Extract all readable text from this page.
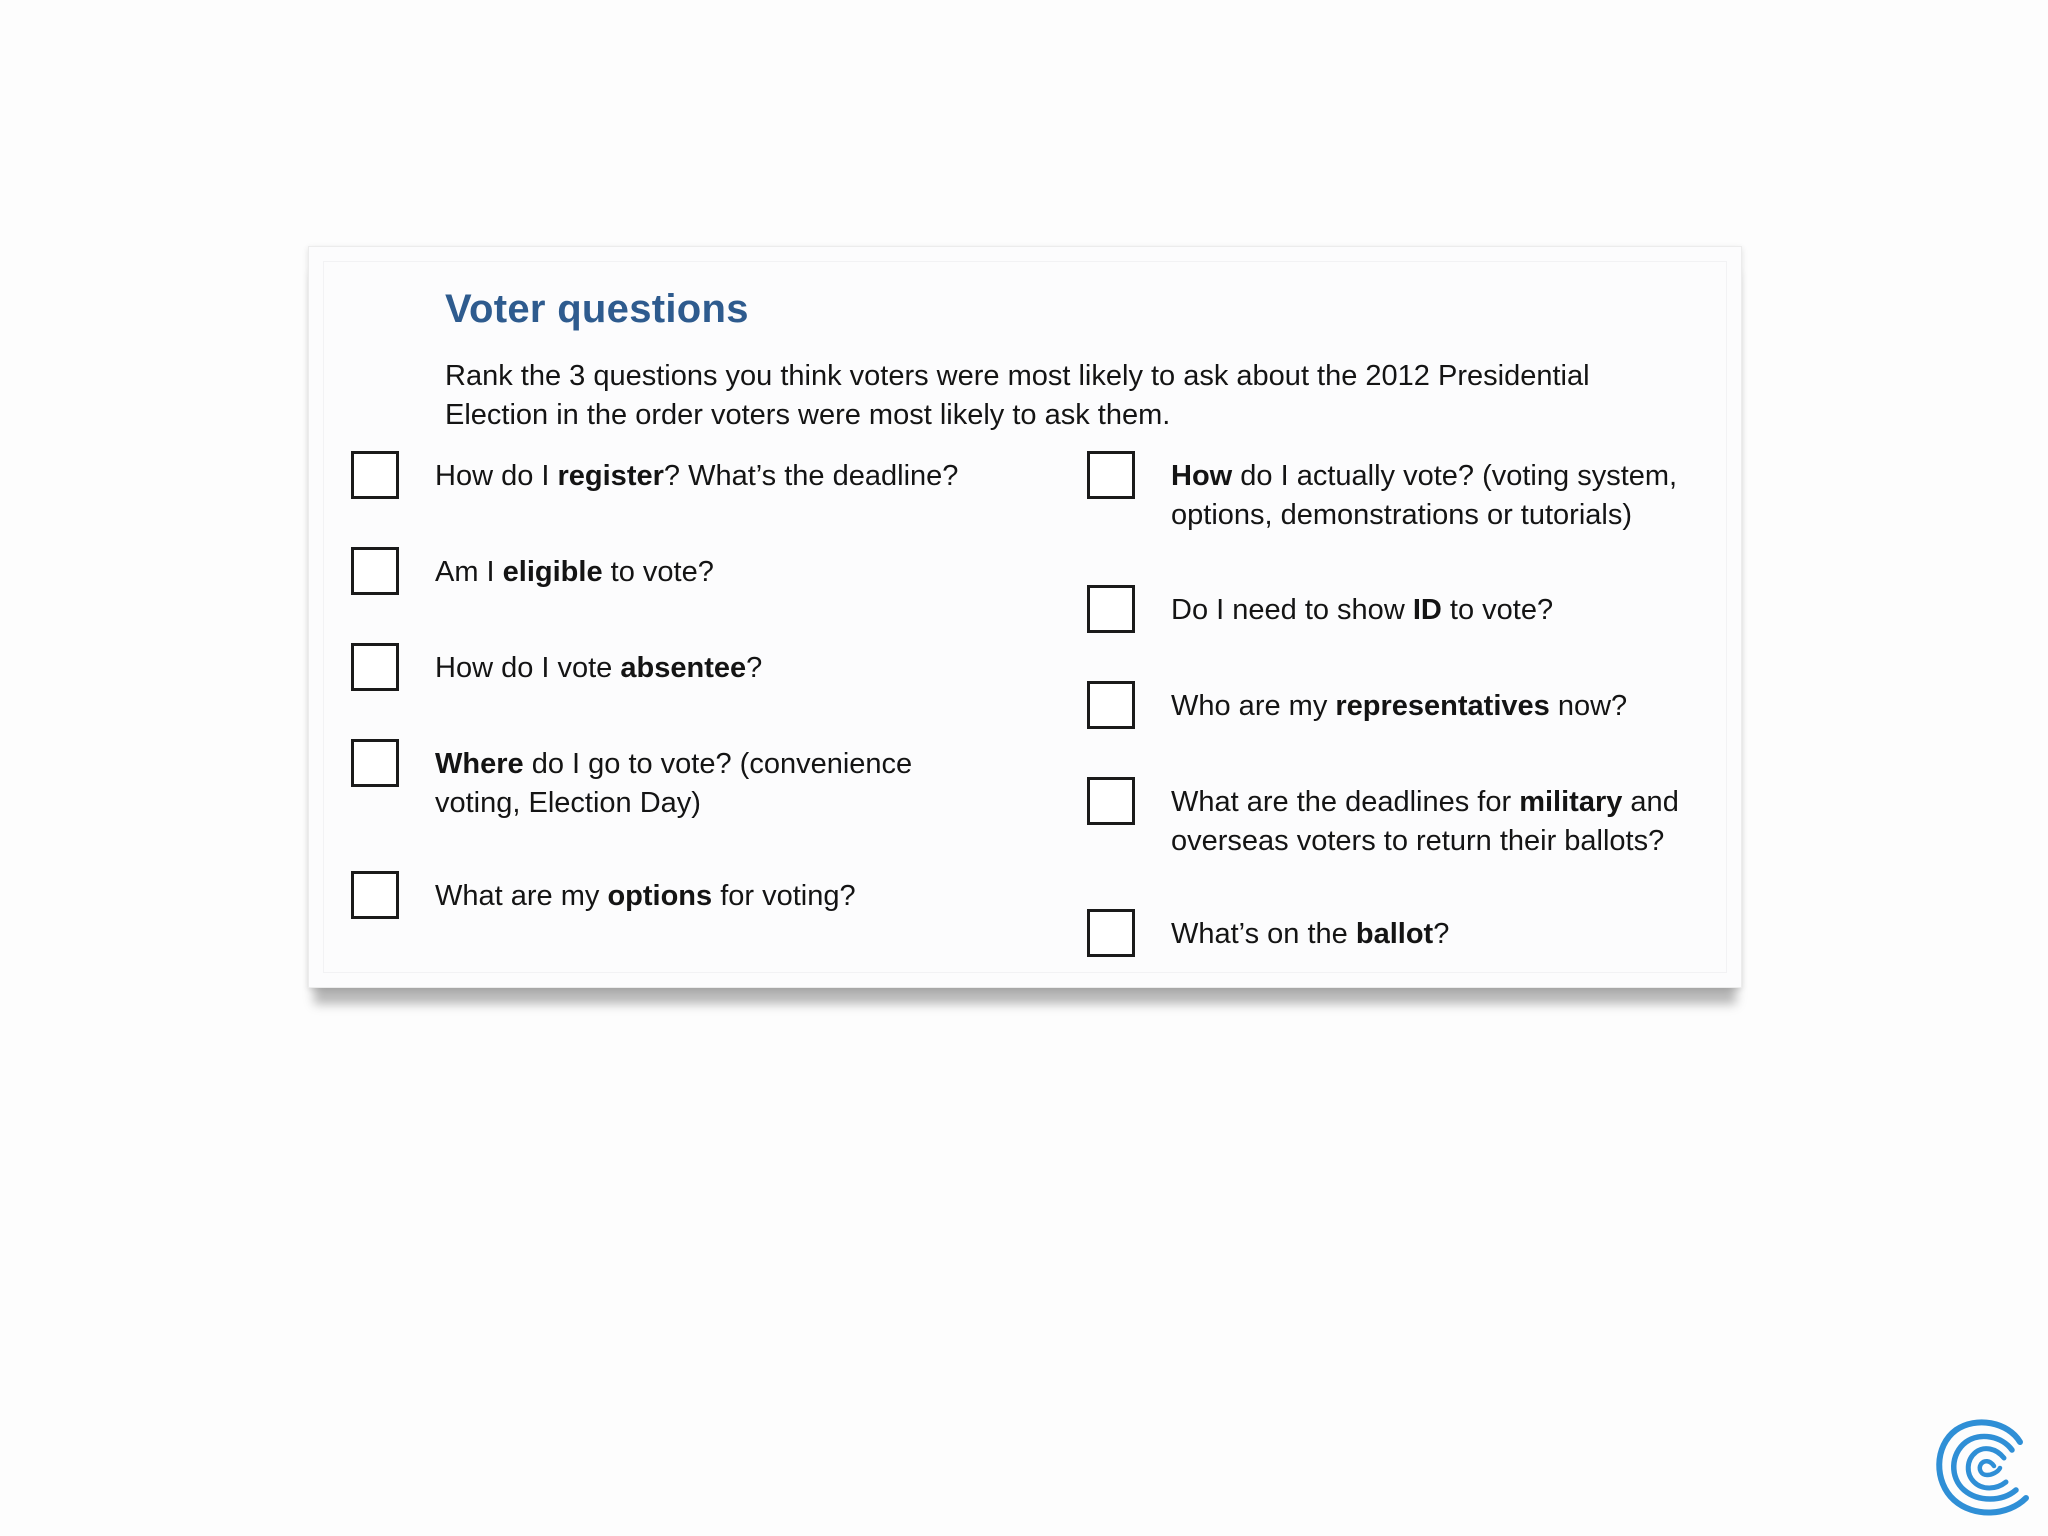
Voter questions

Rank the 3 questions you think voters were most likely to ask about the 2012 Presidential Election in the order voters were most likely to ask them.

How do I register? What’s the deadline?
Am I eligible to vote?
How do I vote absentee?
Where do I go to vote? (convenience voting, Election Day)
What are my options for voting?
How do I actually vote? (voting system, options, demonstrations or tutorials)
Do I need to show ID to vote?
Who are my representatives now?
What are the deadlines for military and overseas voters to return their ballots?
What’s on the ballot?
